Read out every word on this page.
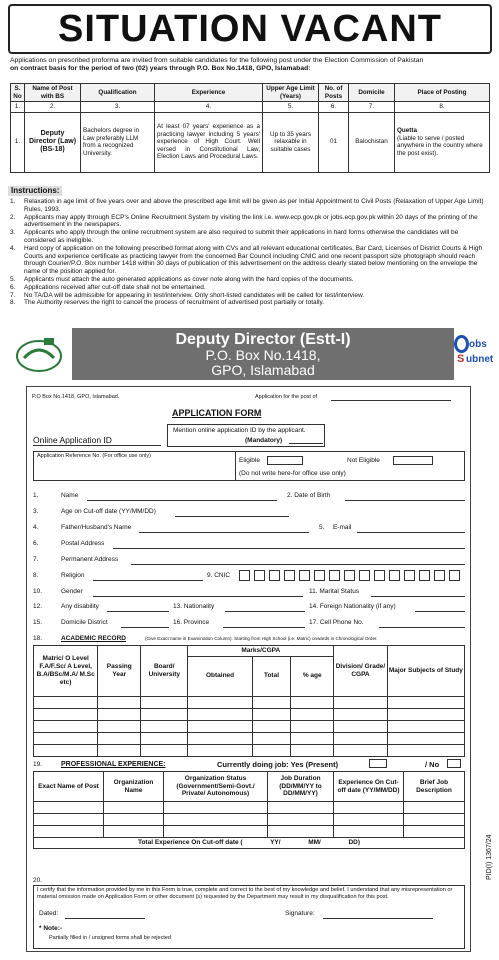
SITUATION VACANT
Applications on prescribed proforma are invited from suitable candidates for the following post under the Election Commission of Pakistan
on contract basis for the period of two (02) years through P.O. Box No.1418, GPO, Islamabad:
S. No	Name of Post with BS	Qualification	Experience	Upper Age Limit (Years)	No. of Posts	Domicile	Place of Posting
1.	2.	3.	4.	5.	6.	7.	8.
1.	Deputy Director (Law) (BS-18)	Bachelors degree in Law preferably LLM from a recognized University.	At least 07 years' experience as a practicing lawyer including 5 years' experience of High Court. Well versed in Constitutional Law, Election Laws and Procedural Laws.	Up to 35 years relaxable in suitable cases	01	Balochistan	Quetta
(Liable to serve / posted anywhere in the country where the post exist).
Instructions:
1.	Relaxation in age limit of five years over and above the prescribed age limit will be given as per Initial Appointment to Civil Posts (Relaxation of Upper Age Limit) Rules, 1993.
2.	Applicants may apply through ECP's Online Recruitment System by visiting the link i.e. www.ecp.gov.pk or jobs.ecp.gov.pk within 20 days of the printing of the advertisement in the newspapers.
3.	Applicants who apply through the online recruitment system are also required to submit their applications in hard forms otherwise the candidates will be considered as ineligible.
4.	Hard copy of application on the following prescribed format along with CVs and all relevant educational certificates, Bar Card, Licenses of District Courts & High Courts and experience certificate as practicing lawyer from the concerned Bar Council including CNIC and one recent passport size photograph should reach through Courier/P.O. Box number 1418 within 30 days of publication of this advertisement on the address clearly stated below mentioning on the envelope the name of the position applied for.
5.	Applicants must attach the auto generated applications as cover note along with the hard copies of the documents.
6.	Applications received after cut-off date shall not be entertained.
7.	No TA/DA will be admissible for appearing in test/interview. Only short-listed candidates will be called for test/interview.
8.	The Authority reserves the right to cancel the process of recruitment of advertised post partially or totally.
Deputy Director (Estt-I)
P.O. Box No.1418,
GPO, Islamabad
obs
S ubnet
P.O Box No.1418, GPO, Islamabad.	Application for the post of
APPLICATION FORM
Online Application ID
Mention online application ID by the applicant.
(Mandatory)
Application Reference No. (For office use only)
Eligible	Not Eligible
(Do not write here-for office use only)
1.	Name	2. Date of Birth
3.	Age on Cut-off date (YY/MM/DD)
4.	Father/Husband's Name	5. E-mail
6.	Postal Address
7.	Permanent Address
8.	Religion	9. CNIC
10.	Gender	11. Marital Status
12.	Any disability	13. Nationality	14. Foreign Nationality (if any)
15.	Domicile District	16. Province	17. Cell Phone No.
18.	ACADEMIC RECORD	(Give Exact name in Examination Column). Starting from High School (i.e. Matric) onwards in Chronological Order.
Matric/ O Level F.A/F.Sc/ A Level, B.A/BSc/M.A/ M.Sc etc)	Passing Year	Board/ University	Marks/CGPA			Division/ Grade/ CGPA	Major Subjects of Study
			Obtained	Total	% age		

19.	PROFESSIONAL EXPERIENCE:	Currently doing job: Yes (Present)	/ No
Exact Name of Post	Organization Name	Organization Status (Government/Semi-Govt./ Private/ Autonomous)	Job Duration (DD/MM/YY to DD/MM/YY)	Experience On Cut-off date (YY/MM/DD)	Brief Job Description

Total Experience On Cut-off date ( YY/ MM/ DD)					
20.
I certify that the information provided by me in this Form is true, complete and correct to the best of my knowledge and belief. I understand that any misrepresentation or material omission made on Application Form or other document (s) requested by the Department may result in my disqualification for this post.
Dated:	Signature:
* Note:-
Partially filled in / unsigned forms shall be rejected
PID(I) 1367/24
